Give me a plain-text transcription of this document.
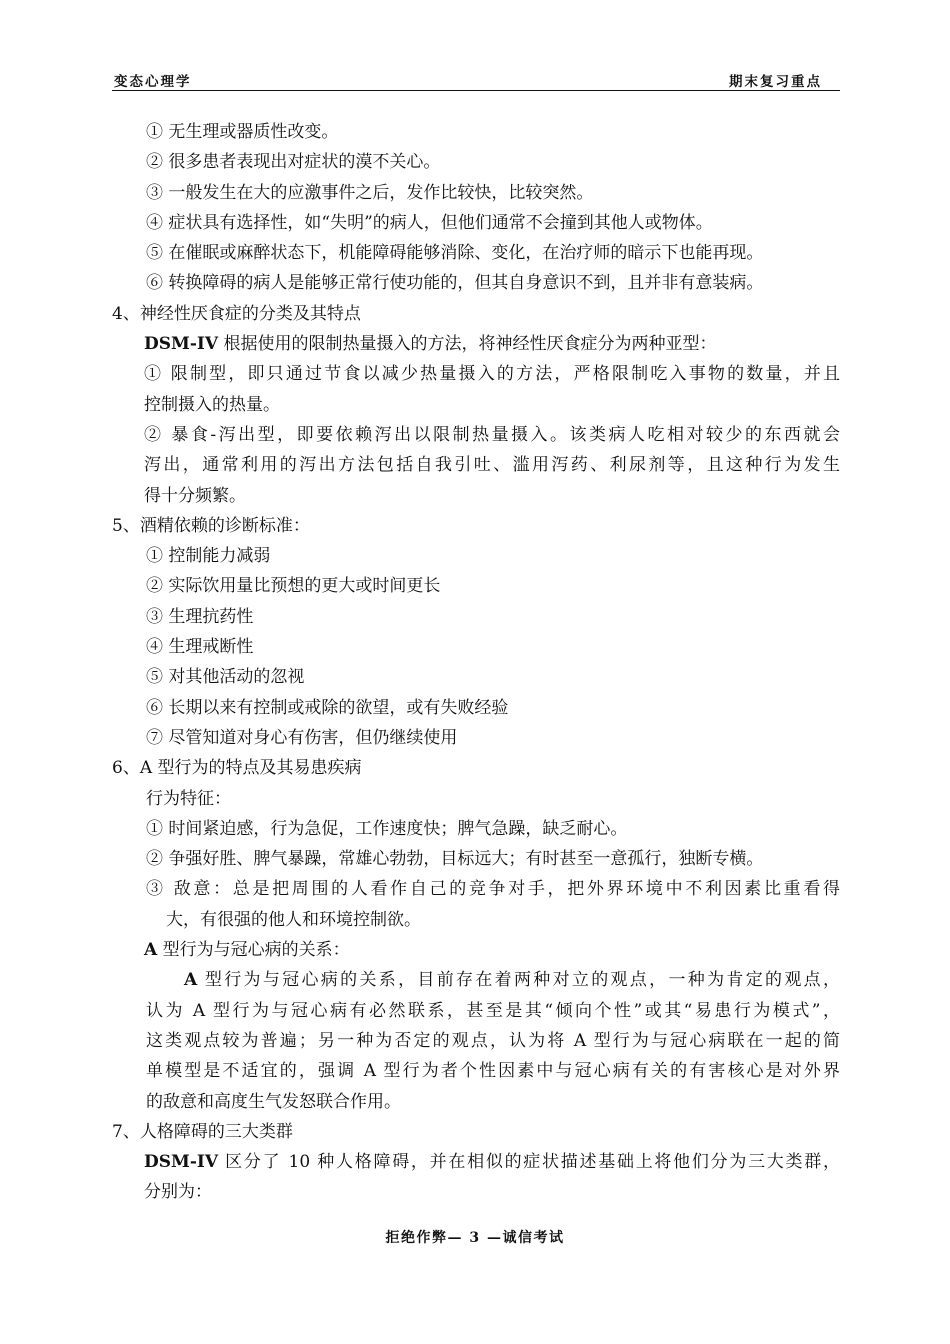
变态心理学	期末复习重点
① 无生理或器质性改变。
② 很多患者表现出对症状的漠不关心。
③ 一般发生在大的应激事件之后，发作比较快，比较突然。
④ 症状具有选择性，如“失明”的病人，但他们通常不会撞到其他人或物体。
⑤ 在催眠或麻醉状态下，机能障碍能够消除、变化，在治疗师的暗示下也能再现。
⑥ 转换障碍的病人是能够正常行使功能的，但其自身意识不到，且并非有意装病。
4、神经性厌食症的分类及其特点
DSM-IV 根据使用的限制热量摄入的方法，将神经性厌食症分为两种亚型：
① 限制型，即只通过节食以减少热量摄入的方法，严格限制吃入事物的数量，并且
控制摄入的热量。
② 暴食-泻出型，即要依赖泻出以限制热量摄入。该类病人吃相对较少的东西就会
泻出，通常利用的泻出方法包括自我引吐、滥用泻药、利尿剂等，且这种行为发生
得十分频繁。
5、酒精依赖的诊断标准：
① 控制能力减弱
② 实际饮用量比预想的更大或时间更长
③ 生理抗药性
④ 生理戒断性
⑤ 对其他活动的忽视
⑥ 长期以来有控制或戒除的欲望，或有失败经验
⑦ 尽管知道对身心有伤害，但仍继续使用
6、A 型行为的特点及其易患疾病
行为特征：
① 时间紧迫感，行为急促，工作速度快；脾气急躁，缺乏耐心。
② 争强好胜、脾气暴躁，常雄心勃勃，目标远大；有时甚至一意孤行，独断专横。
③ 敌意：总是把周围的人看作自己的竞争对手，把外界环境中不利因素比重看得
大，有很强的他人和环境控制欲。
A 型行为与冠心病的关系：
A 型行为与冠心病的关系，目前存在着两种对立的观点，一种为肯定的观点，
认为 A 型行为与冠心病有必然联系，甚至是其“倾向个性”或其“易患行为模式”，
这类观点较为普遍；另一种为否定的观点，认为将 A 型行为与冠心病联在一起的简
单模型是不适宜的，强调 A 型行为者个性因素中与冠心病有关的有害核心是对外界
的敌意和高度生气发怒联合作用。
7、人格障碍的三大类群
DSM-IV 区分了 10 种人格障碍，并在相似的症状描述基础上将他们分为三大类群，
分别为：
拒绝作弊— 3 —诚信考试
